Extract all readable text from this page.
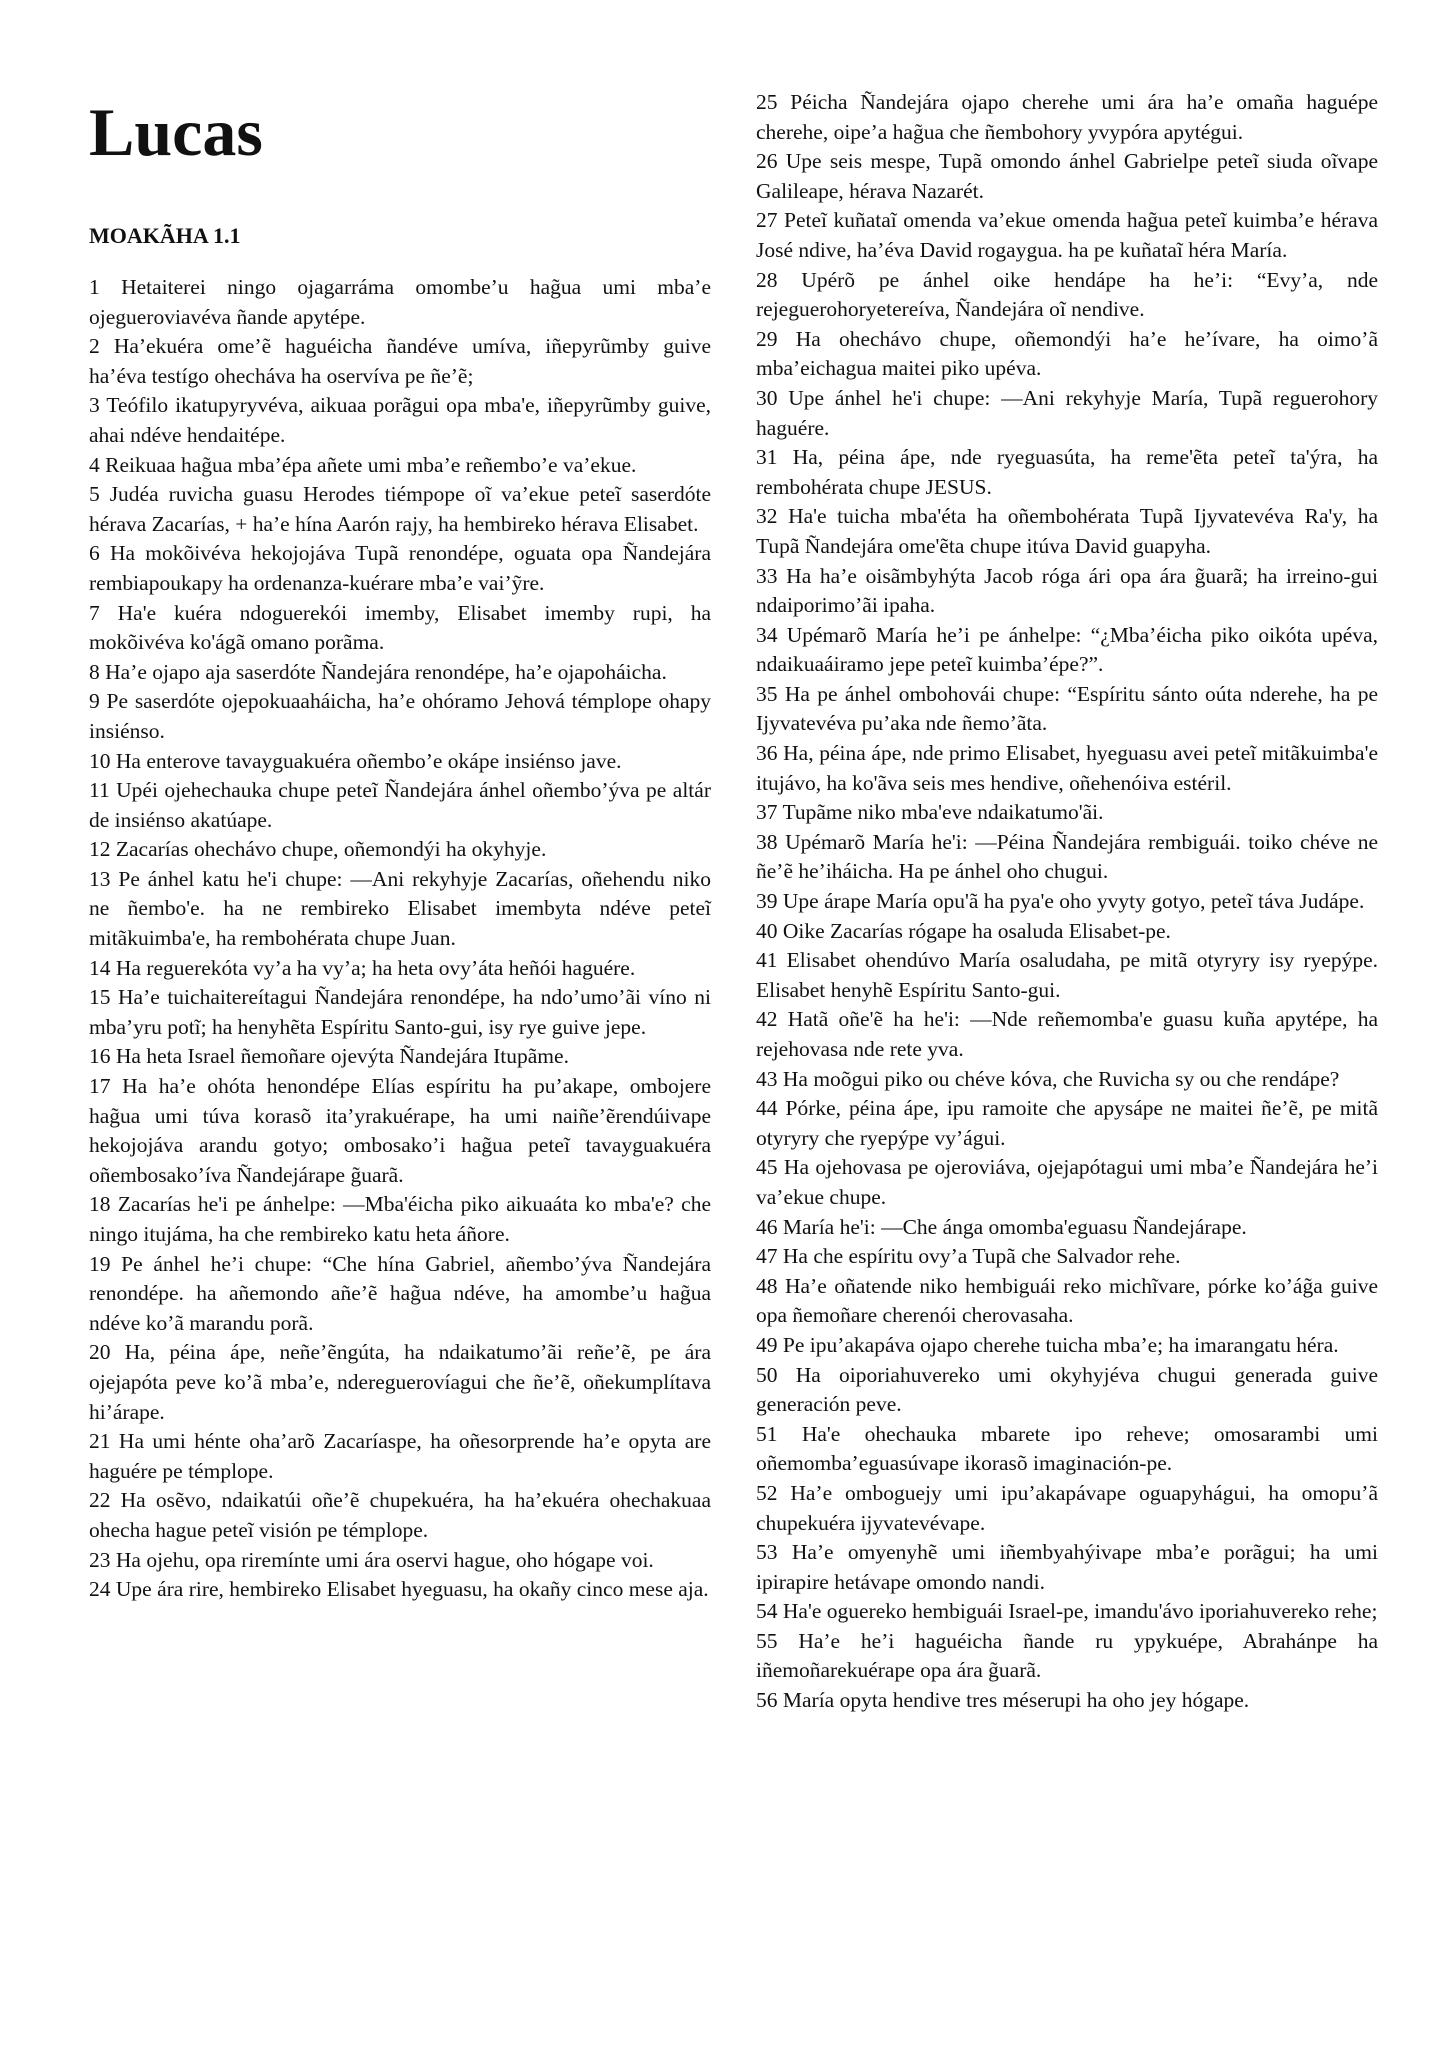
Lucas
MOAKÃHA 1.1

1 Hetaiterei ningo ojagarráma omombe’u hag̃ua umi mba’e ojegueroviavéva ñande apytépe.

2 Ha’ekuéra ome’ẽ haguéicha ñandéve umíva, iñepyrũmby guive ha’éva testígo ohecháva ha oservíva pe ñe’ẽ;

3 Teófilo ikatupyryvéva, aikuaa porãgui opa mba'e, iñepyrũmby guive, ahai ndéve hendaitépe.

4 Reikuaa hag̃ua mba’épa añete umi mba’e reñembo’e va’ekue.

5 Judéa ruvicha guasu Herodes tiémpope oĩ va’ekue peteĩ saserdóte hérava Zacarías, + ha’e hína Aarón rajy, ha hembireko hérava Elisabet.

6 Ha mokõivéva hekojojáva Tupã renondépe, oguata opa Ñandejára rembiapoukapy ha ordenanza-kuérare mba’e vai’ỹre.

7 Ha'e kuéra ndoguerekói imemby, Elisabet imemby rupi, ha mokõivéva ko'ágã omano porãma.

8 Ha’e ojapo aja saserdóte Ñandejára renondépe, ha’e ojapoháicha.

9 Pe saserdóte ojepokuaaháicha, ha’e ohóramo Jehová témplope ohapy insiénso.

10 Ha enterove tavayguakuéra oñembo’e okápe insiénso jave.

11 Upéi ojehechauka chupe peteĩ Ñandejára ánhel oñembo’ýva pe altár de insiénso akatúape.

12 Zacarías ohechávo chupe, oñemondýi ha okyhyje.

13 Pe ánhel katu he'i chupe: —Ani rekyhyje Zacarías, oñehendu niko ne ñembo'e. ha ne rembireko Elisabet imembyta ndéve peteĩ mitãkuimba'e, ha rembohérata chupe Juan.

14 Ha reguerekóta vy’a ha vy’a; ha heta ovy’áta heñói haguére.

15 Ha’e tuichaitereítagui Ñandejára renondépe, ha ndo’umo’ãi víno ni mba’yru potĩ; ha henyhẽta Espíritu Santo-gui, isy rye guive jepe.

16 Ha heta Israel ñemoñare ojevýta Ñandejára Itupãme.

17 Ha ha’e ohóta henondépe Elías espíritu ha pu’akape, ombojere hag̃ua umi túva korasõ ita’yrakuérape, ha umi naiñe’ẽrendúivape hekojojáva arandu gotyo; ombosako’i hag̃ua peteĩ tavayguakuéra oñembosako’íva Ñandejárape g̃uarã.

18 Zacarías he'i pe ánhelpe: —Mba'éicha piko aikuaáta ko mba'e? che ningo itujáma, ha che rembireko katu heta áñore.

19 Pe ánhel he’i chupe: “Che hína Gabriel, añembo’ýva Ñandejára renondépe. ha añemondo añe’ẽ hag̃ua ndéve, ha amombe’u hag̃ua ndéve ko’ã marandu porã.

20 Ha, péina ápe, neñe’ẽngúta, ha ndaikatumo’ãi reñe’ẽ, pe ára ojejapóta peve ko’ã mba’e, ndereguerovíagui che ñe’ẽ, oñekumplítava hi’árape.

21 Ha umi hénte oha’arõ Zacaríaspe, ha oñesorprende ha’e opyta are haguére pe témplope.

22 Ha osẽvo, ndaikatúi oñe’ẽ chupekuéra, ha ha’ekuéra ohechakuaa ohecha hague peteĩ visión pe témplope.

23 Ha ojehu, opa riremínte umi ára oservi hague, oho hógape voi.

24 Upe ára rire, hembireko Elisabet hyeguasu, ha okañy cinco mese aja.

25 Péicha Ñandejára ojapo cherehe umi ára ha’e omaña haguépe cherehe, oipe’a hag̃ua che ñembohory yvypóra apytégui.

26 Upe seis mespe, Tupã omondo ánhel Gabrielpe peteĩ siuda oĩvape Galileape, hérava Nazarét.

27 Peteĩ kuñataĩ omenda va’ekue omenda hag̃ua peteĩ kuimba’e hérava José ndive, ha’éva David rogaygua. ha pe kuñataĩ héra María.

28 Upérõ pe ánhel oike hendápe ha he’i: “Evy’a, nde rejeguerohoryetereíva, Ñandejára oĩ nendive.

29 Ha ohechávo chupe, oñemondýi ha’e he’ívare, ha oimo’ã mba’eichagua maitei piko upéva.

30 Upe ánhel he'i chupe: —Ani rekyhyje María, Tupã reguerohory haguére.

31 Ha, péina ápe, nde ryeguasúta, ha reme'ẽta peteĩ ta'ýra, ha rembohérata chupe JESUS.

32 Ha'e tuicha mba'éta ha oñembohérata Tupã Ijyvatevéva Ra'y, ha Tupã Ñandejára ome'ẽta chupe itúva David guapyha.

33 Ha ha’e oisãmbyhýta Jacob róga ári opa ára g̃uarã; ha irreino-gui ndaiporimo’ãi ipaha.

34 Upémarõ María he’i pe ánhelpe: “¿Mba’éicha piko oikóta upéva, ndaikuaáiramo jepe peteĩ kuimba’épe?”.

35 Ha pe ánhel ombohovái chupe: “Espíritu sánto oúta nderehe, ha pe Ijyvatevéva pu’aka nde ñemo’ãta.

36 Ha, péina ápe, nde primo Elisabet, hyeguasu avei peteĩ mitãkuimba'e itujávo, ha ko'ãva seis mes hendive, oñehenóiva estéril.

37 Tupãme niko mba'eve ndaikatumo'ãi.

38 Upémarõ María he'i: —Péina Ñandejára rembiguái. toiko chéve ne ñe’ẽ he’iháicha. Ha pe ánhel oho chugui.

39 Upe árape María opu'ã ha pya'e oho yvyty gotyo, peteĩ táva Judápe.

40 Oike Zacarías rógape ha osaluda Elisabet-pe.

41 Elisabet ohendúvo María osaludaha, pe mitã otyryry isy ryepýpe. Elisabet henyhẽ Espíritu Santo-gui.

42 Hatã oñe'ẽ ha he'i: —Nde reñemomba'e guasu kuña apytépe, ha rejehovasa nde rete yva.

43 Ha moõgui piko ou chéve kóva, che Ruvicha sy ou che rendápe?

44 Pórke, péina ápe, ipu ramoite che apysápe ne maitei ñe’ẽ, pe mitã otyryry che ryepýpe vy’águi.

45 Ha ojehovasa pe ojeroviáva, ojejapótagui umi mba’e Ñandejára he’i va’ekue chupe.

46 María he'i: —Che ánga omomba'eguasu Ñandejárape.

47 Ha che espíritu ovy’a Tupã che Salvador rehe.

48 Ha’e oñatende niko hembiguái reko michĩvare, pórke ko’ág̃a guive opa ñemoñare cherenói cherovasaha.

49 Pe ipu’akapáva ojapo cherehe tuicha mba’e; ha imarangatu héra.

50 Ha oiporiahuvereko umi okyhyjéva chugui generada guive generación peve.

51 Ha'e ohechauka mbarete ipo reheve; omosarambi umi oñemomba’eguasúvape ikorasõ imaginación-pe.

52 Ha’e omboguejy umi ipu’akapávape oguapyhágui, ha omopu’ã chupekuéra ijyvatevévape.

53 Ha’e omyenyhẽ umi iñembyahýivape mba’e porãgui; ha umi ipirapire hetávape omondo nandi.

54 Ha'e oguereko hembiguái Israel-pe, imandu'ávo iporiahuvereko rehe;

55 Ha’e he’i haguéicha ñande ru ypykuépe, Abrahánpe ha iñemoñarekuérape opa ára g̃uarã.

56 María opyta hendive tres méserupi ha oho jey hógape.
